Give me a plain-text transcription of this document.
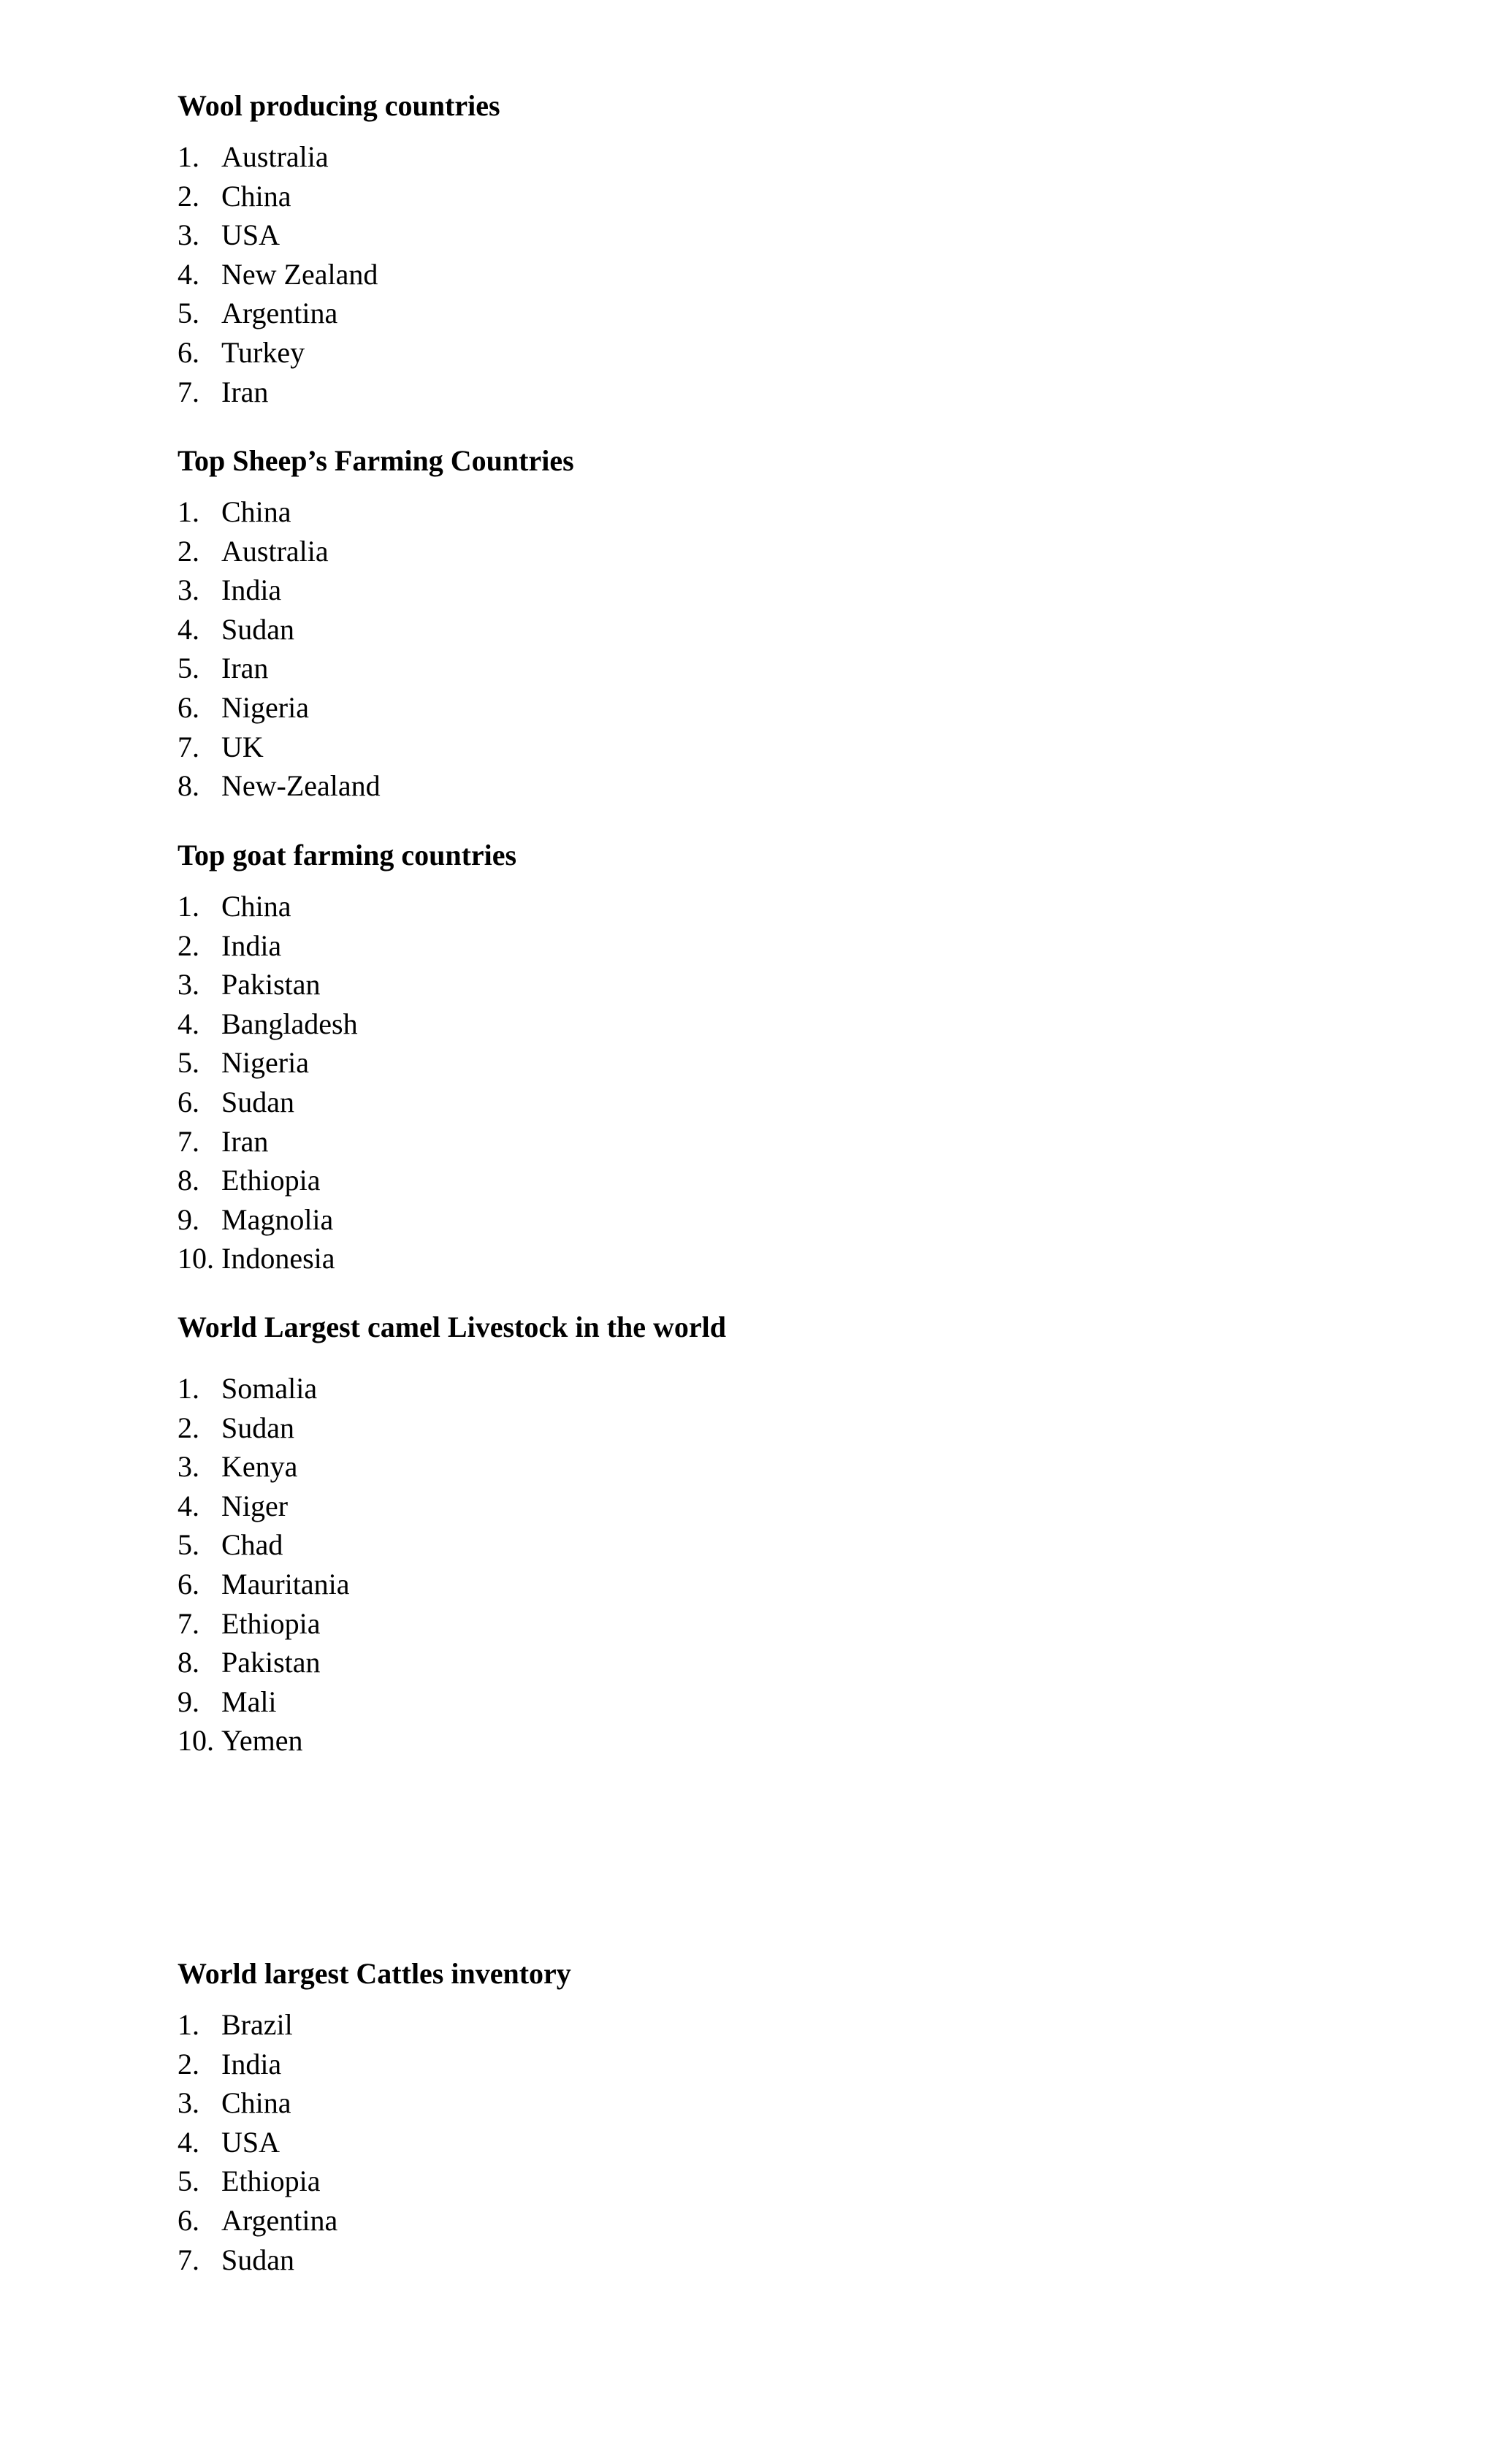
Wool producing countries
1. Australia
2. China
3. USA
4. New Zealand
5. Argentina
6. Turkey
7. Iran
Top Sheep’s Farming Countries
1. China
2. Australia
3. India
4. Sudan
5. Iran
6. Nigeria
7. UK
8. New-Zealand
Top goat farming countries
1. China
2. India
3. Pakistan
4. Bangladesh
5. Nigeria
6. Sudan
7. Iran
8. Ethiopia
9. Magnolia
10. Indonesia
World Largest camel Livestock in the world
1. Somalia
2. Sudan
3. Kenya
4. Niger
5. Chad
6. Mauritania
7. Ethiopia
8. Pakistan
9. Mali
10. Yemen
World largest Cattles inventory
1. Brazil
2. India
3. China
4. USA
5. Ethiopia
6. Argentina
7. Sudan
